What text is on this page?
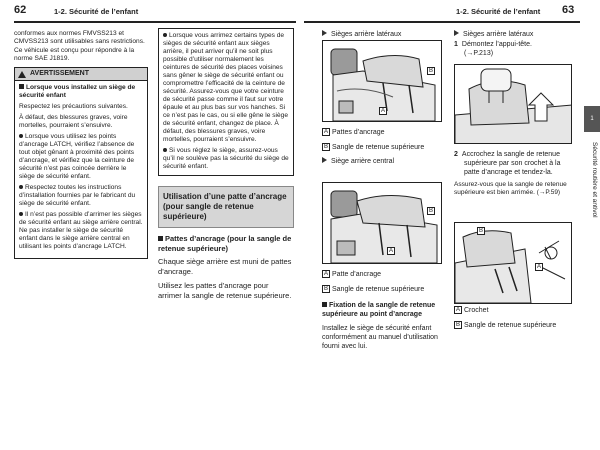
62	1-2. Sécurité de l’enfant	1-2. Sécurité de l’enfant 63

conformes aux normes FMVSS213 et CMVSS213 sont utilisables sans restrictions.

Ce véhicule est conçu pour répondre à la norme SAE J1819.

AVERTISSEMENT

Lorsque vous installez un siège de sécurité enfant

Respectez les précautions suivantes.

À défaut, des blessures graves, voire mortelles, pourraient s’ensuivre.

Lorsque vous utilisez les points d’ancrage LATCH, vérifiez l’absence de tout objet gênant à proximité des points d’ancrage, et vérifiez que la ceinture de sécurité n’est pas coincée derrière le siège de sécurité enfant.

Respectez toutes les instructions d’installation fournies par le fabricant du siège de sécurité enfant.

Il n’est pas possible d’arrimer les sièges de sécurité enfant au siège arrière central. Ne pas installer le siège de sécurité enfant dans le siège arrière central en utilisant les points d’ancrage LATCH.

Lorsque vous arrimez certains types de sièges de sécurité enfant aux sièges arrière, il peut arriver qu’il ne soit plus possible d’utiliser normalement les ceintures de sécurité des places voisines sans gêner le siège de sécurité enfant ou compromettre l’efficacité de la ceinture de sécurité. Assurez-vous que votre ceinture de sécurité passe comme il faut sur votre épaule et au plus bas sur vos hanches. Si ce n’est pas le cas, ou si elle gêne le siège de sécurité enfant, changez de place. À défaut, des blessures graves, voire mortelles, pourraient s’ensuivre.

Si vous réglez le siège, assurez-vous qu’il ne soulève pas la sécurité du siège de sécurité enfant.

Utilisation d’une patte d’ancrage (pour sangle de retenue supérieure)

Pattes d’ancrage (pour la sangle de retenue supérieure)

Chaque siège arrière est muni de pattes d’ancrage.

Utilisez les pattes d’ancrage pour arrimer la sangle de retenue supérieure.

Sièges arrière latéraux
B
A
A Pattes d’ancrage
B Sangle de retenue supérieure
Siège arrière central
B
A
A Patte d’ancrage
B Sangle de retenue supérieure
Fixation de la sangle de retenue supérieure au point d’ancrage
Installez le siège de sécurité enfant conformément au manuel d’utilisation fourni avec lui.
Sièges arrière latéraux
1 Démontez l’appui-tête.
(→P.213)
2 Accrochez la sangle de retenue supérieure par son crochet à la patte d’ancrage et tendez-la.
Assurez-vous que la sangle de retenue supérieure est bien arrimée. (→P.59)
B
A
A Crochet
B Sangle de retenue supérieure
1
Sécurité routière et antivol
